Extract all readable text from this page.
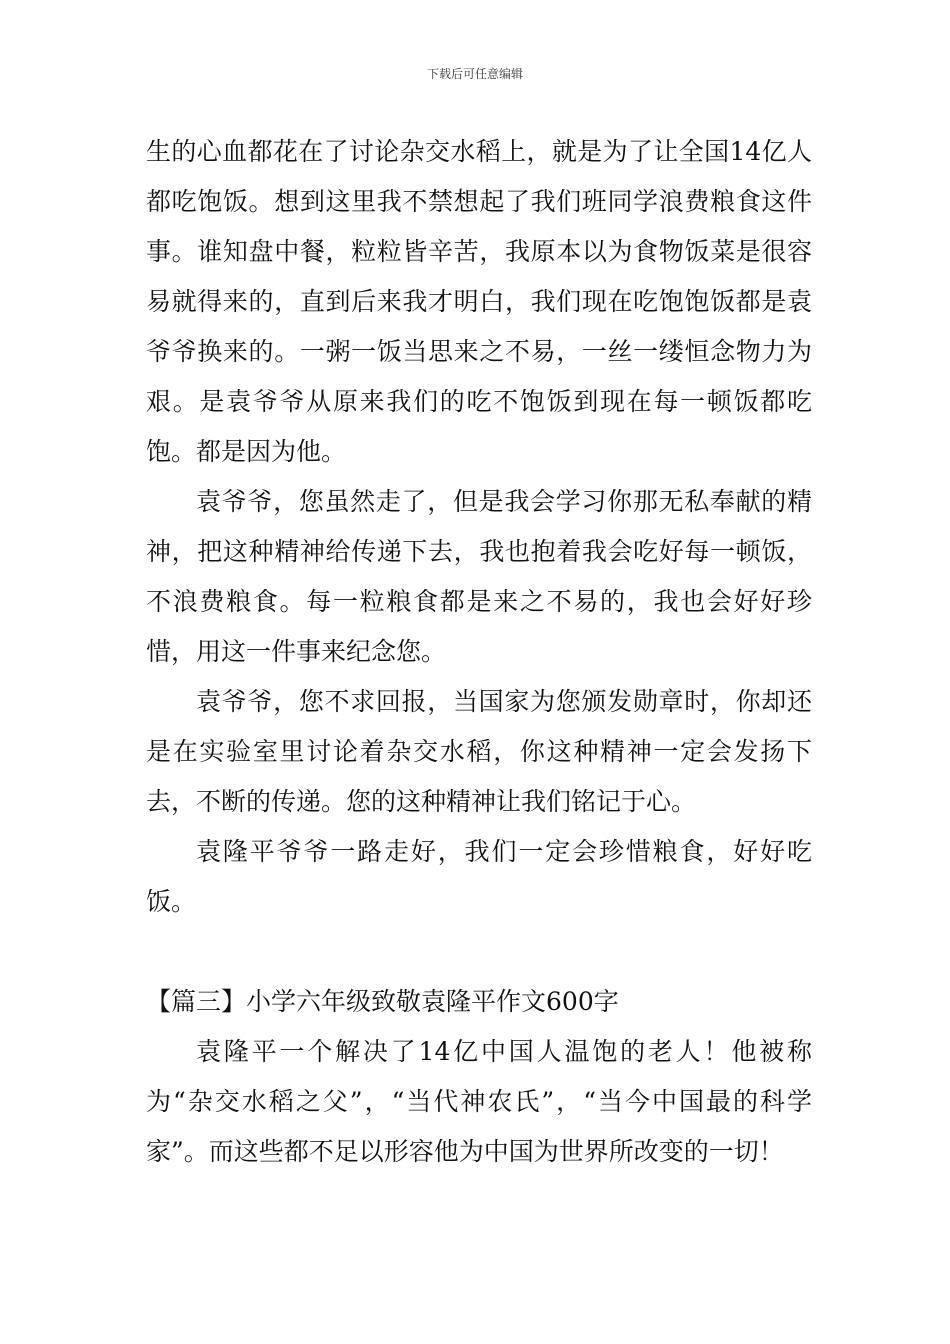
下载后可任意编辑

生的心血都花在了讨论杂交水稻上，就是为了让全国14亿人都吃饱饭。想到这里我不禁想起了我们班同学浪费粮食这件事。谁知盘中餐，粒粒皆辛苦，我原本以为食物饭菜是很容易就得来的，直到后来我才明白，我们现在吃饱饱饭都是袁爷爷换来的。一粥一饭当思来之不易，一丝一缕恒念物力为艰。是袁爷爷从原来我们的吃不饱饭到现在每一顿饭都吃饱。都是因为他。

袁爷爷，您虽然走了，但是我会学习你那无私奉献的精神，把这种精神给传递下去，我也抱着我会吃好每一顿饭，不浪费粮食。每一粒粮食都是来之不易的，我也会好好珍惜，用这一件事来纪念您。

袁爷爷，您不求回报，当国家为您颁发勋章时，你却还是在实验室里讨论着杂交水稻，你这种精神一定会发扬下去，不断的传递。您的这种精神让我们铭记于心。

袁隆平爷爷一路走好，我们一定会珍惜粮食，好好吃饭。

【篇三】小学六年级致敬袁隆平作文600字

袁隆平一个解决了14亿中国人温饱的老人！他被称为“杂交水稻之父”，“当代神农氏”，“当今中国最的科学家”。而这些都不足以形容他为中国为世界所改变的一切！
